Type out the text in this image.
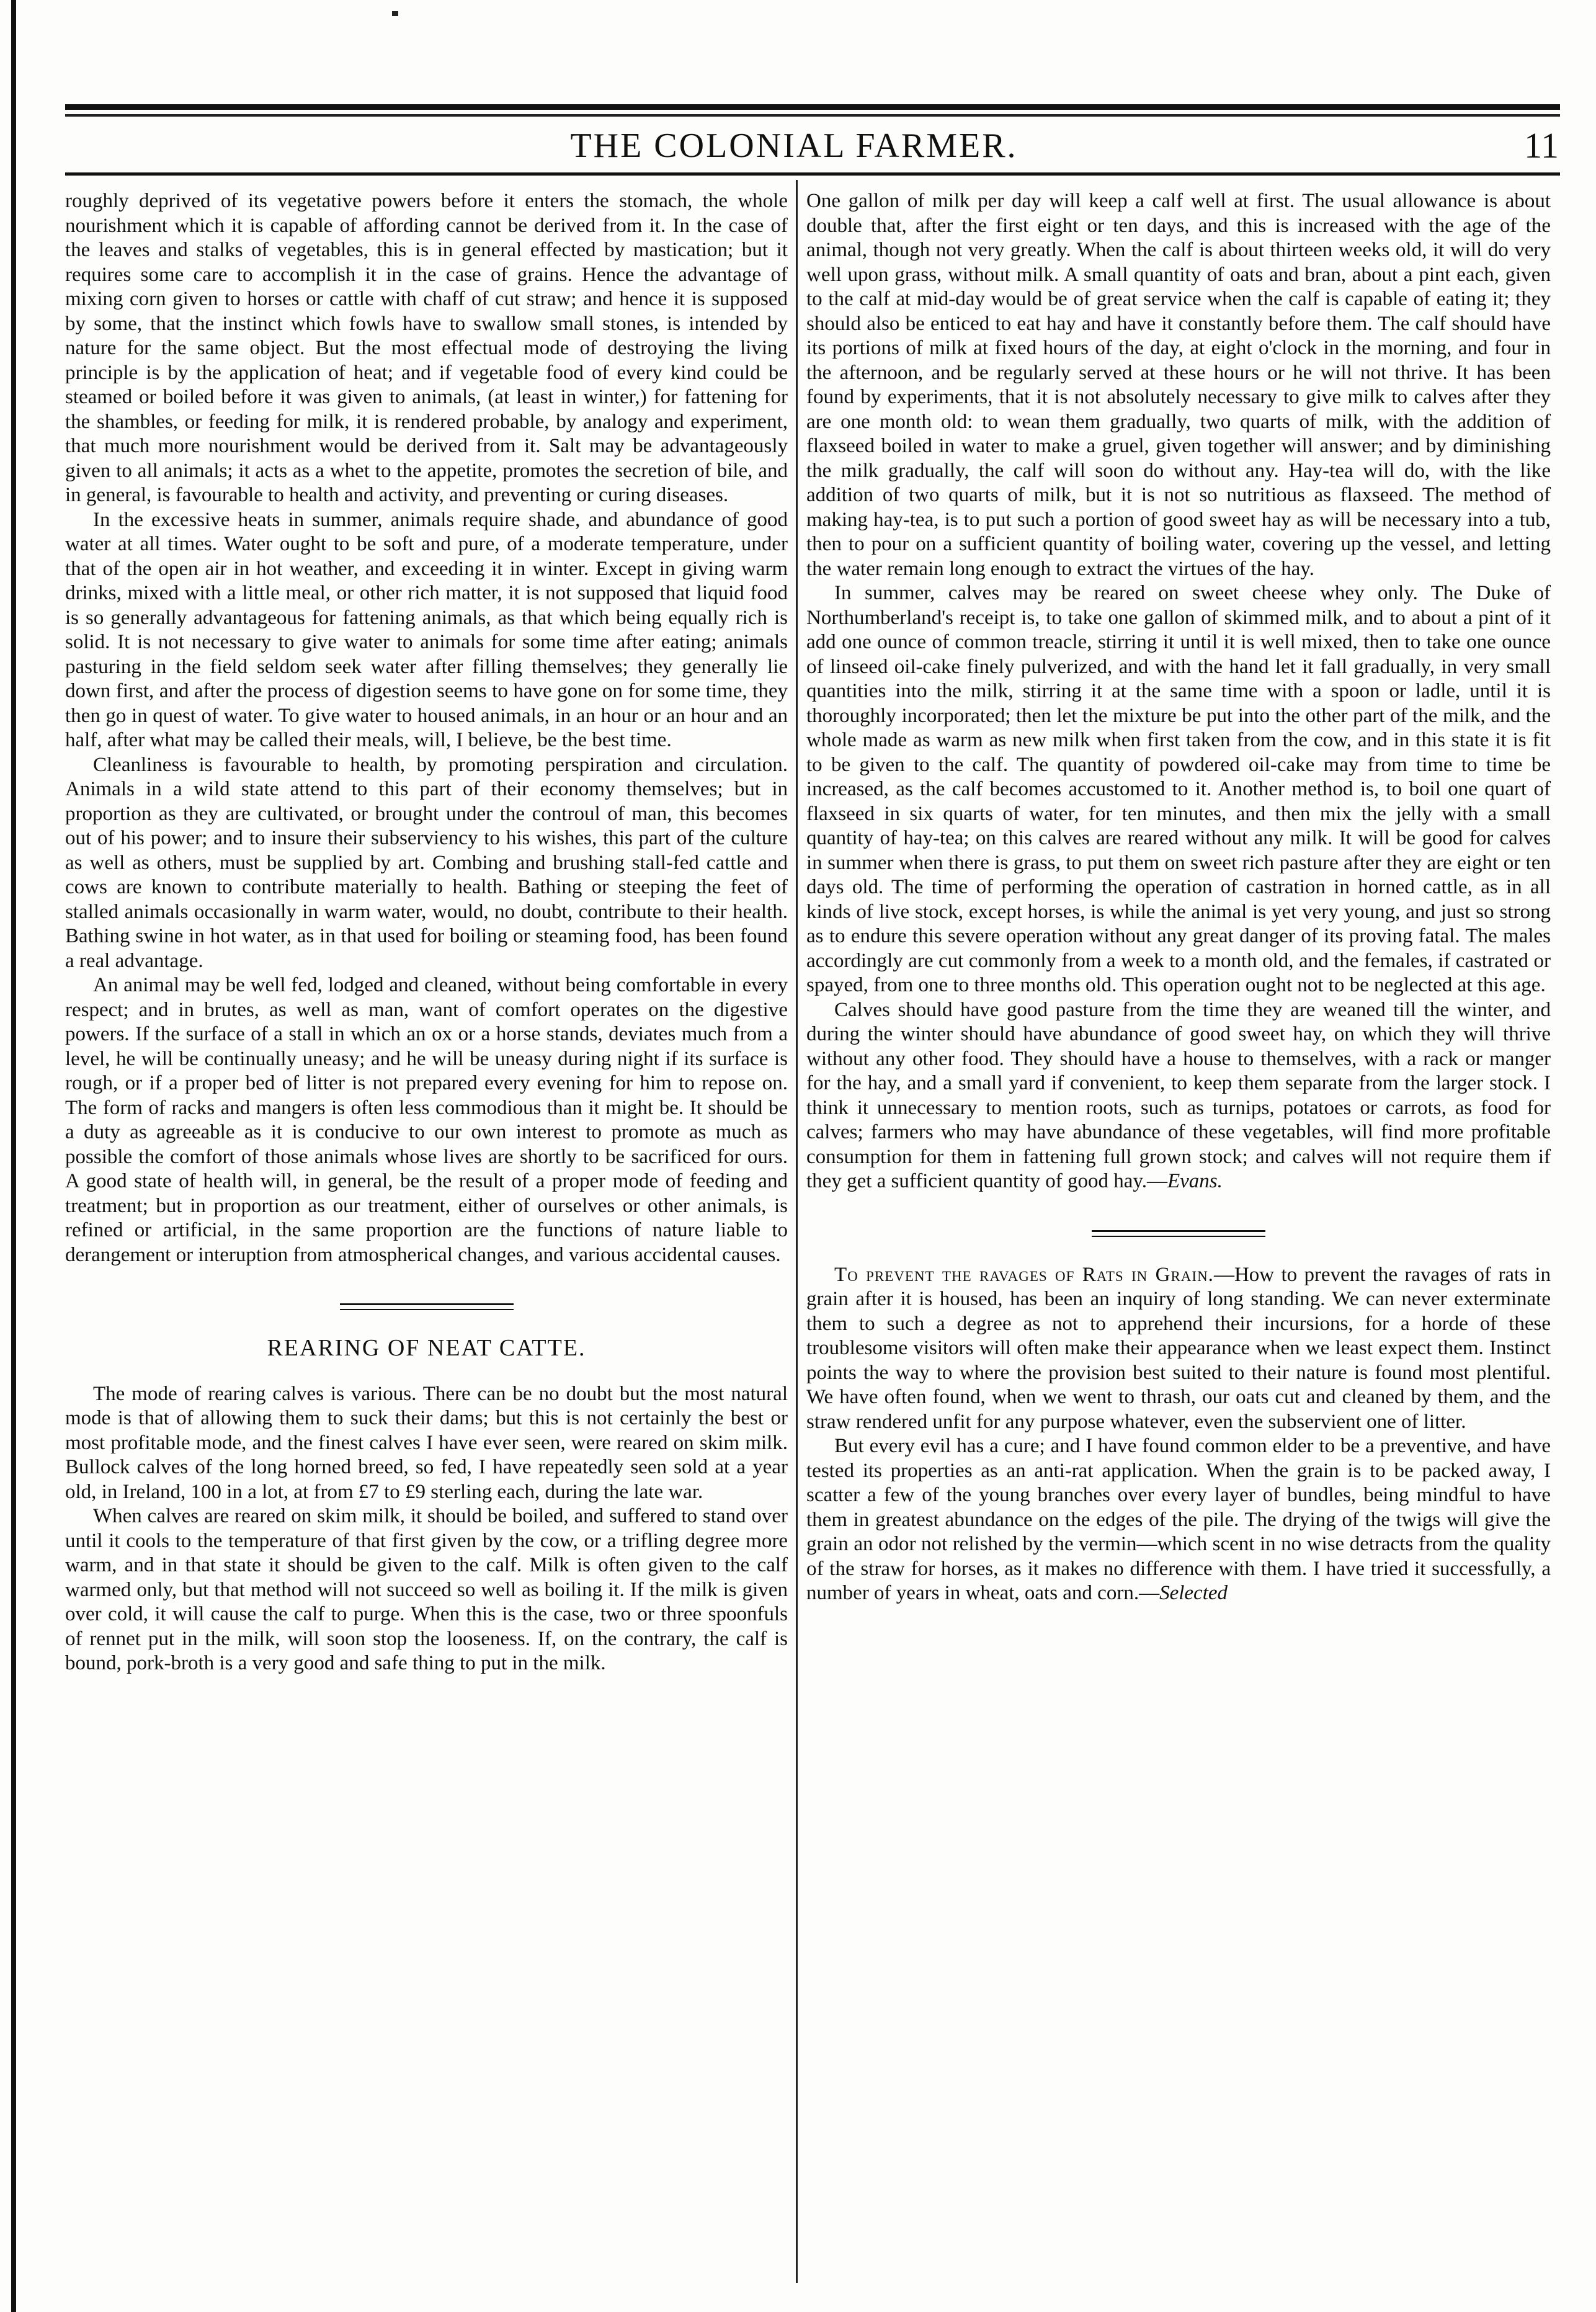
THE COLONIAL FARMER.	11

roughly deprived of its vegetative powers before it enters the stomach, the whole nourishment which it is capable of affording cannot be derived from it. In the case of the leaves and stalks of vegetables, this is in general effected by mastication; but it requires some care to accomplish it in the case of grains. Hence the advantage of mixing corn given to horses or cattle with chaff of cut straw; and hence it is supposed by some, that the instinct which fowls have to swallow small stones, is intended by nature for the same object. But the most effectual mode of destroying the living principle is by the application of heat; and if vegetable food of every kind could be steamed or boiled before it was given to animals, (at least in winter,) for fattening for the shambles, or feeding for milk, it is rendered probable, by analogy and experiment, that much more nourishment would be derived from it. Salt may be advantageously given to all animals; it acts as a whet to the appetite, promotes the secretion of bile, and in general, is favourable to health and activity, and preventing or curing diseases.

In the excessive heats in summer, animals require shade, and abundance of good water at all times. Water ought to be soft and pure, of a moderate temperature, under that of the open air in hot weather, and exceeding it in winter. Except in giving warm drinks, mixed with a little meal, or other rich matter, it is not supposed that liquid food is so generally advantageous for fattening animals, as that which being equally rich is solid. It is not necessary to give water to animals for some time after eating; animals pasturing in the field seldom seek water after filling themselves; they generally lie down first, and after the process of digestion seems to have gone on for some time, they then go in quest of water. To give water to housed animals, in an hour or an hour and an half, after what may be called their meals, will, I believe, be the best time.

Cleanliness is favourable to health, by promoting perspiration and circulation. Animals in a wild state attend to this part of their economy themselves; but in proportion as they are cultivated, or brought under the controul of man, this becomes out of his power; and to insure their subserviency to his wishes, this part of the culture as well as others, must be supplied by art. Combing and brushing stall-fed cattle and cows are known to contribute materially to health. Bathing or steeping the feet of stalled animals occasionally in warm water, would, no doubt, contribute to their health. Bathing swine in hot water, as in that used for boiling or steaming food, has been found a real advantage.

An animal may be well fed, lodged and cleaned, without being comfortable in every respect; and in brutes, as well as man, want of comfort operates on the digestive powers. If the surface of a stall in which an ox or a horse stands, deviates much from a level, he will be continually uneasy; and he will be uneasy during night if its surface is rough, or if a proper bed of litter is not prepared every evening for him to repose on. The form of racks and mangers is often less commodious than it might be. It should be a duty as agreeable as it is conducive to our own interest to promote as much as possible the comfort of those animals whose lives are shortly to be sacrificed for ours. A good state of health will, in general, be the result of a proper mode of feeding and treatment; but in proportion as our treatment, either of ourselves or other animals, is refined or artificial, in the same proportion are the functions of nature liable to derangement or interuption from atmospherical changes, and various accidental causes.

REARING OF NEAT CATTE.

The mode of rearing calves is various. There can be no doubt but the most natural mode is that of allowing them to suck their dams; but this is not certainly the best or most profitable mode, and the finest calves I have ever seen, were reared on skim milk. Bullock calves of the long horned breed, so fed, I have repeatedly seen sold at a year old, in Ireland, 100 in a lot, at from £7 to £9 sterling each, during the late war.

When calves are reared on skim milk, it should be boiled, and suffered to stand over until it cools to the temperature of that first given by the cow, or a trifling degree more warm, and in that state it should be given to the calf. Milk is often given to the calf warmed only, but that method will not succeed so well as boiling it. If the milk is given over cold, it will cause the calf to purge. When this is the case, two or three spoonfuls of rennet put in the milk, will soon stop the looseness. If, on the contrary, the calf is bound, pork-broth is a very good and safe thing to put in the milk.

One gallon of milk per day will keep a calf well at first. The usual allowance is about double that, after the first eight or ten days, and this is increased with the age of the animal, though not very greatly. When the calf is about thirteen weeks old, it will do very well upon grass, without milk. A small quantity of oats and bran, about a pint each, given to the calf at mid-day would be of great service when the calf is capable of eating it; they should also be enticed to eat hay and have it constantly before them. The calf should have its portions of milk at fixed hours of the day, at eight o'clock in the morning, and four in the afternoon, and be regularly served at these hours or he will not thrive. It has been found by experiments, that it is not absolutely necessary to give milk to calves after they are one month old: to wean them gradually, two quarts of milk, with the addition of flaxseed boiled in water to make a gruel, given together will answer; and by diminishing the milk gradually, the calf will soon do without any. Hay-tea will do, with the like addition of two quarts of milk, but it is not so nutritious as flaxseed. The method of making hay-tea, is to put such a portion of good sweet hay as will be necessary into a tub, then to pour on a sufficient quantity of boiling water, covering up the vessel, and letting the water remain long enough to extract the virtues of the hay.

In summer, calves may be reared on sweet cheese whey only. The Duke of Northumberland's receipt is, to take one gallon of skimmed milk, and to about a pint of it add one ounce of common treacle, stirring it until it is well mixed, then to take one ounce of linseed oil-cake finely pulverized, and with the hand let it fall gradually, in very small quantities into the milk, stirring it at the same time with a spoon or ladle, until it is thoroughly incorporated; then let the mixture be put into the other part of the milk, and the whole made as warm as new milk when first taken from the cow, and in this state it is fit to be given to the calf. The quantity of powdered oil-cake may from time to time be increased, as the calf becomes accustomed to it. Another method is, to boil one quart of flaxseed in six quarts of water, for ten minutes, and then mix the jelly with a small quantity of hay-tea; on this calves are reared without any milk. It will be good for calves in summer when there is grass, to put them on sweet rich pasture after they are eight or ten days old. The time of performing the operation of castration in horned cattle, as in all kinds of live stock, except horses, is while the animal is yet very young, and just so strong as to endure this severe operation without any great danger of its proving fatal. The males accordingly are cut commonly from a week to a month old, and the females, if castrated or spayed, from one to three months old. This operation ought not to be neglected at this age.

Calves should have good pasture from the time they are weaned till the winter, and during the winter should have abundance of good sweet hay, on which they will thrive without any other food. They should have a house to themselves, with a rack or manger for the hay, and a small yard if convenient, to keep them separate from the larger stock. I think it unnecessary to mention roots, such as turnips, potatoes or carrots, as food for calves; farmers who may have abundance of these vegetables, will find more profitable consumption for them in fattening full grown stock; and calves will not require them if they get a sufficient quantity of good hay.—Evans.

To prevent the ravages of Rats in Grain.—How to prevent the ravages of rats in grain after it is housed, has been an inquiry of long standing. We can never exterminate them to such a degree as not to apprehend their incursions, for a horde of these troublesome visitors will often make their appearance when we least expect them. Instinct points the way to where the provision best suited to their nature is found most plentiful. We have often found, when we went to thrash, our oats cut and cleaned by them, and the straw rendered unfit for any purpose whatever, even the subservient one of litter.

But every evil has a cure; and I have found common elder to be a preventive, and have tested its properties as an anti-rat application. When the grain is to be packed away, I scatter a few of the young branches over every layer of bundles, being mindful to have them in greatest abundance on the edges of the pile. The drying of the twigs will give the grain an odor not relished by the vermin—which scent in no wise detracts from the quality of the straw for horses, as it makes no difference with them. I have tried it successfully, a number of years in wheat, oats and corn.—Selected
